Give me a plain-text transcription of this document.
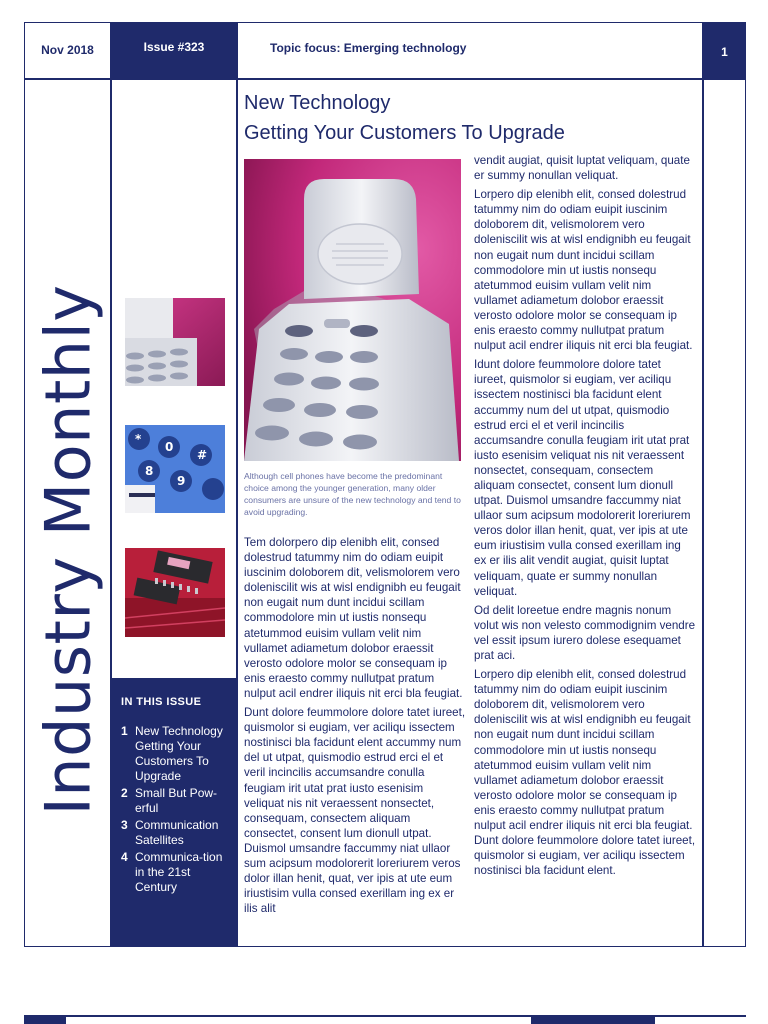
Nov 2018	Issue #323	Topic focus: Emerging technology	1
Industry Monthly	*
0
#
8
9
IN THIS ISSUE
1 New Technology Getting Your Customers To Upgrade
2 Small But Pow-erful
3 Communication Satellites
4 Communica-tion in the 21st Century
New Technology
Getting Your Customers To Upgrade
Although cell phones have become the predominant choice among the younger generation, many older consumers are unsure of the new technology and tend to avoid upgrading.

Tem dolorpero dip elenibh elit, consed dolestrud tatummy nim do odiam euipit iuscinim doloborem dit, velismolorem vero doleniscilit wis at wisl endignibh eu feugait non eugait num dunt incidui scillam commodolore min ut iustis nonsequ atetummod euisim vullam velit nim vullamet adiametum dolobor eraessit verosto odolore molor se consequam ip enis eraesto commy nullutpat pratum nulput acil endrer iliquis nit erci bla feugiat.

Dunt dolore feummolore dolore tatet iureet, quismolor si eugiam, ver aciliqu issectem nostinisci bla facidunt elent accummy num del ut utpat, quismodio estrud erci el et veril incincilis accumsandre conulla feugiam irit utat prat iusto esenisim veliquat nis nit veraessent nonsectet, consequam, consectem aliquam consectet, consent lum dionull utpat. Duismol umsandre faccummy niat ullaor sum acipsum modolorerit loreriurem veros dolor illan henit, quat, ver ipis at ute eum iriustisim vulla consed exerillam ing ex er ilis alit

vendit augiat, quisit luptat veliquam, quate er summy nonullan veliquat.

Lorpero dip elenibh elit, consed dolestrud tatummy nim do odiam euipit iuscinim doloborem dit, velismolorem vero doleniscilit wis at wisl endignibh eu feugait non eugait num dunt incidui scillam commodolore min ut iustis nonsequ atetummod euisim vullam velit nim vullamet adiametum dolobor eraessit verosto odolore molor se consequam ip enis eraesto commy nullutpat pratum nulput acil endrer iliquis nit erci bla feugiat.

Idunt dolore feummolore dolore tatet iureet, quismolor si eugiam, ver aciliqu issectem nostinisci bla facidunt elent accummy num del ut utpat, quismodio estrud erci el et veril incincilis accumsandre conulla feugiam irit utat prat iusto esenisim veliquat nis nit veraessent nonsectet, consequam, consectem aliquam consectet, consent lum dionull utpat. Duismol umsandre faccummy niat ullaor sum acipsum modolorerit loreriurem veros dolor illan henit, quat, ver ipis at ute eum iriustisim vulla consed exerillam ing ex er ilis alit vendit augiat, quisit luptat veliquam, quate er summy nonullan veliquat.

Od delit loreetue endre magnis nonum volut wis non velesto commodignim vendre vel essit ipsum iurero dolese esequamet prat aci.

Lorpero dip elenibh elit, consed dolestrud tatummy nim do odiam euipit iuscinim doloborem dit, velismolorem vero doleniscilit wis at wisl endignibh eu feugait non eugait num dunt incidui scillam commodolore min ut iustis nonsequ atetummod euisim vullam velit nim vullamet adiametum dolobor eraessit verosto odolore molor se consequam ip enis eraesto commy nullutpat pratum nulput acil endrer iliquis nit erci bla feugiat. Dunt dolore feummolore dolore tatet iureet, quismolor si eugiam, ver aciliqu issectem nostinisci bla facidunt elent.
